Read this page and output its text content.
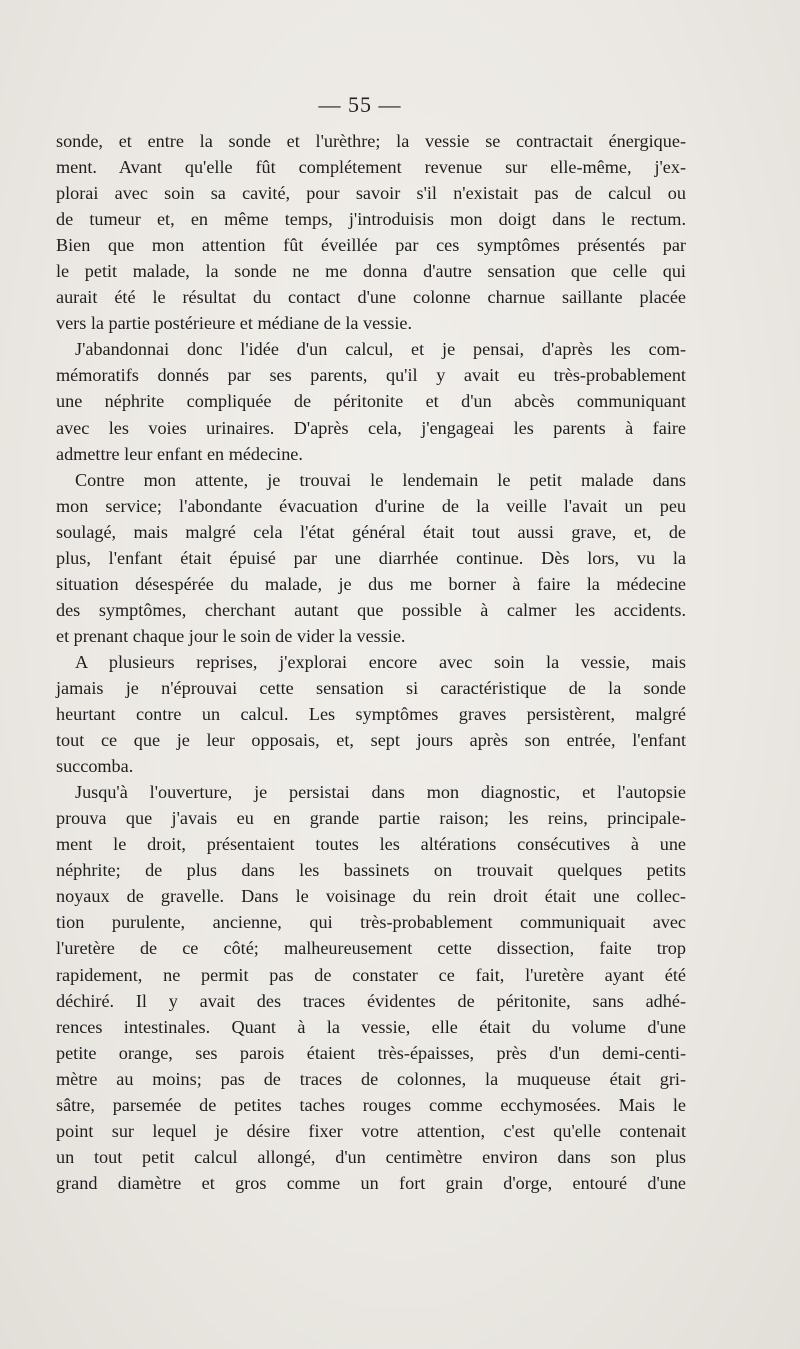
— 55 —
sonde, et entre la sonde et l'urèthre; la vessie se contractait énergique-
ment. Avant qu'elle fût complétement revenue sur elle-même, j'ex-
plorai avec soin sa cavité, pour savoir s'il n'existait pas de calcul ou
de tumeur et, en même temps, j'introduisis mon doigt dans le rectum.
Bien que mon attention fût éveillée par ces symptômes présentés par
le petit malade, la sonde ne me donna d'autre sensation que celle qui
aurait été le résultat du contact d'une colonne charnue saillante placée
vers la partie postérieure et médiane de la vessie.
J'abandonnai donc l'idée d'un calcul, et je pensai, d'après les com-
mémoratifs donnés par ses parents, qu'il y avait eu très-probablement
une néphrite compliquée de péritonite et d'un abcès communiquant
avec les voies urinaires. D'après cela, j'engageai les parents à faire
admettre leur enfant en médecine.
Contre mon attente, je trouvai le lendemain le petit malade dans
mon service; l'abondante évacuation d'urine de la veille l'avait un peu
soulagé, mais malgré cela l'état général était tout aussi grave, et, de
plus, l'enfant était épuisé par une diarrhée continue. Dès lors, vu la
situation désespérée du malade, je dus me borner à faire la médecine
des symptômes, cherchant autant que possible à calmer les accidents.
et prenant chaque jour le soin de vider la vessie.
A plusieurs reprises, j'explorai encore avec soin la vessie, mais
jamais je n'éprouvai cette sensation si caractéristique de la sonde
heurtant contre un calcul. Les symptômes graves persistèrent, malgré
tout ce que je leur opposais, et, sept jours après son entrée, l'enfant
succomba.
Jusqu'à l'ouverture, je persistai dans mon diagnostic, et l'autopsie
prouva que j'avais eu en grande partie raison; les reins, principale-
ment le droit, présentaient toutes les altérations consécutives à une
néphrite; de plus dans les bassinets on trouvait quelques petits
noyaux de gravelle. Dans le voisinage du rein droit était une collec-
tion purulente, ancienne, qui très-probablement communiquait avec
l'uretère de ce côté; malheureusement cette dissection, faite trop
rapidement, ne permit pas de constater ce fait, l'uretère ayant été
déchiré. Il y avait des traces évidentes de péritonite, sans adhé-
rences intestinales. Quant à la vessie, elle était du volume d'une
petite orange, ses parois étaient très-épaisses, près d'un demi-centi-
mètre au moins; pas de traces de colonnes, la muqueuse était gri-
sâtre, parsemée de petites taches rouges comme ecchymosées. Mais le
point sur lequel je désire fixer votre attention, c'est qu'elle contenait
un tout petit calcul allongé, d'un centimètre environ dans son plus
grand diamètre et gros comme un fort grain d'orge, entouré d'une
